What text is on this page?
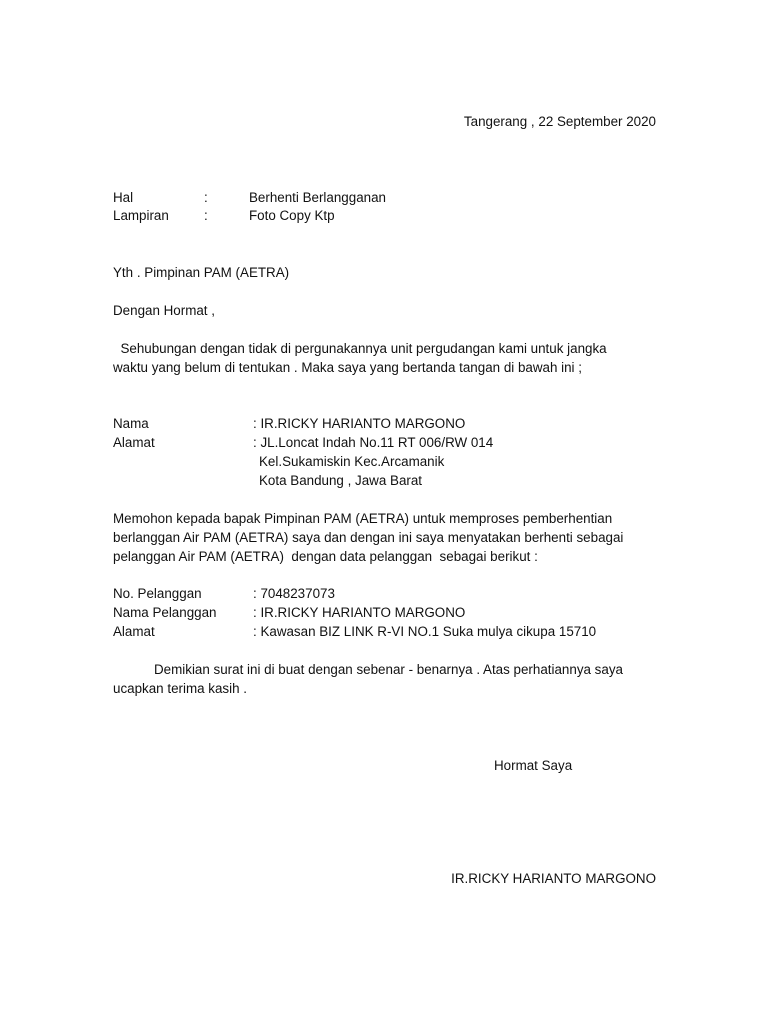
Tangerang , 22 September 2020
Hal	:	Berhenti Berlangganan
Lampiran	:	Foto Copy Ktp
Yth . Pimpinan PAM (AETRA)
Dengan Hormat ,
Sehubungan dengan tidak di pergunakannya unit pergudangan kami untuk jangka
waktu yang belum di tentukan . Maka saya yang bertanda tangan di bawah ini ;
Nama	: IR.RICKY HARIANTO MARGONO
Alamat	: JL.Loncat Indah No.11 RT 006/RW 014
Kel.Sukamiskin Kec.Arcamanik
Kota Bandung , Jawa Barat
Memohon kepada bapak Pimpinan PAM (AETRA) untuk memproses pemberhentian
berlanggan Air PAM (AETRA) saya dan dengan ini saya menyatakan berhenti sebagai
pelanggan Air PAM (AETRA)  dengan data pelanggan  sebagai berikut :
No. Pelanggan	: 7048237073
Nama Pelanggan	: IR.RICKY HARIANTO MARGONO
Alamat	: Kawasan BIZ LINK R-VI NO.1 Suka mulya cikupa 15710
Demikian surat ini di buat dengan sebenar - benarnya . Atas perhatiannya saya
ucapkan terima kasih .
Hormat Saya
IR.RICKY HARIANTO MARGONO
